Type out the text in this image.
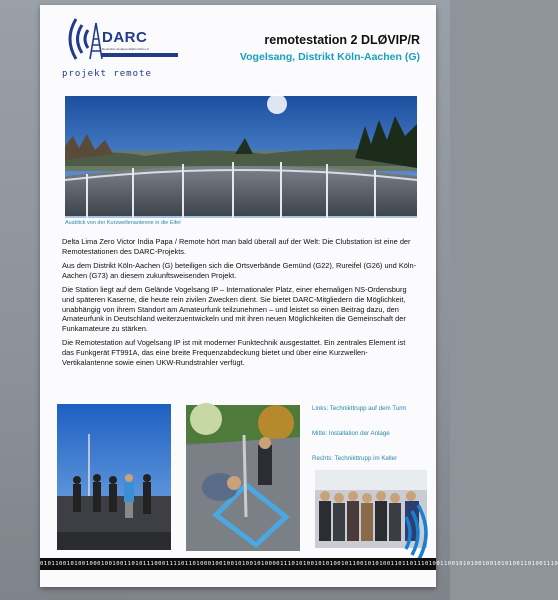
DARC
Deutscher Amateur-Radio-Club e.V.
projekt remote
remotestation 2 DLØVIP/R
Vogelsang, Distrikt Köln-Aachen (G)
Ausblick von der Kurzwellenantenne in die Eifel

Delta Lima Zero Victor India Papa / Remote hört man bald überall auf der Welt: Die Clubstation ist eine der Remotestationen des DARC-Projekts.

Aus dem Distrikt Köln-Aachen (G) beteiligen sich die Ortsverbände Gemünd (G22), Rureifel (G26) und Köln-Aachen (G73) an diesem zukunftsweisenden Projekt.

Die Station liegt auf dem Gelände Vogelsang IP – Internationaler Platz, einer ehemaligen NS-Ordensburg und späteren Kaserne, die heute rein zivilen Zwecken dient. Sie bietet DARC-Mitgliedern die Möglichkeit, unabhängig von ihrem Standort am Amateurfunk teilzunehmen – und leistet so einen Beitrag dazu, den Amateurfunk in Deutschland weiterzuentwickeln und mit ihren neuen Möglichkeiten die Gemeinschaft der Funkamateure zu stärken.

Die Remotestation auf Vogelsang IP ist mit moderner Funktechnik ausgestattet. Ein zentrales Element ist das Funkgerät FT991A, das eine breite Frequenzabdeckung bietet und über eine Kurzwellen-Vertikalantenne sowie einen UKW-Rundstrahler verfügt.

Links: Technikttrupp auf dem Turm
Mitte: Installation der Anlage
Rechts: Technikttrupp im Keller
0101100101001000100100110101110001111011010001001001010010100001110101001010100101100101010011011011101001100101010010010101001101001110
